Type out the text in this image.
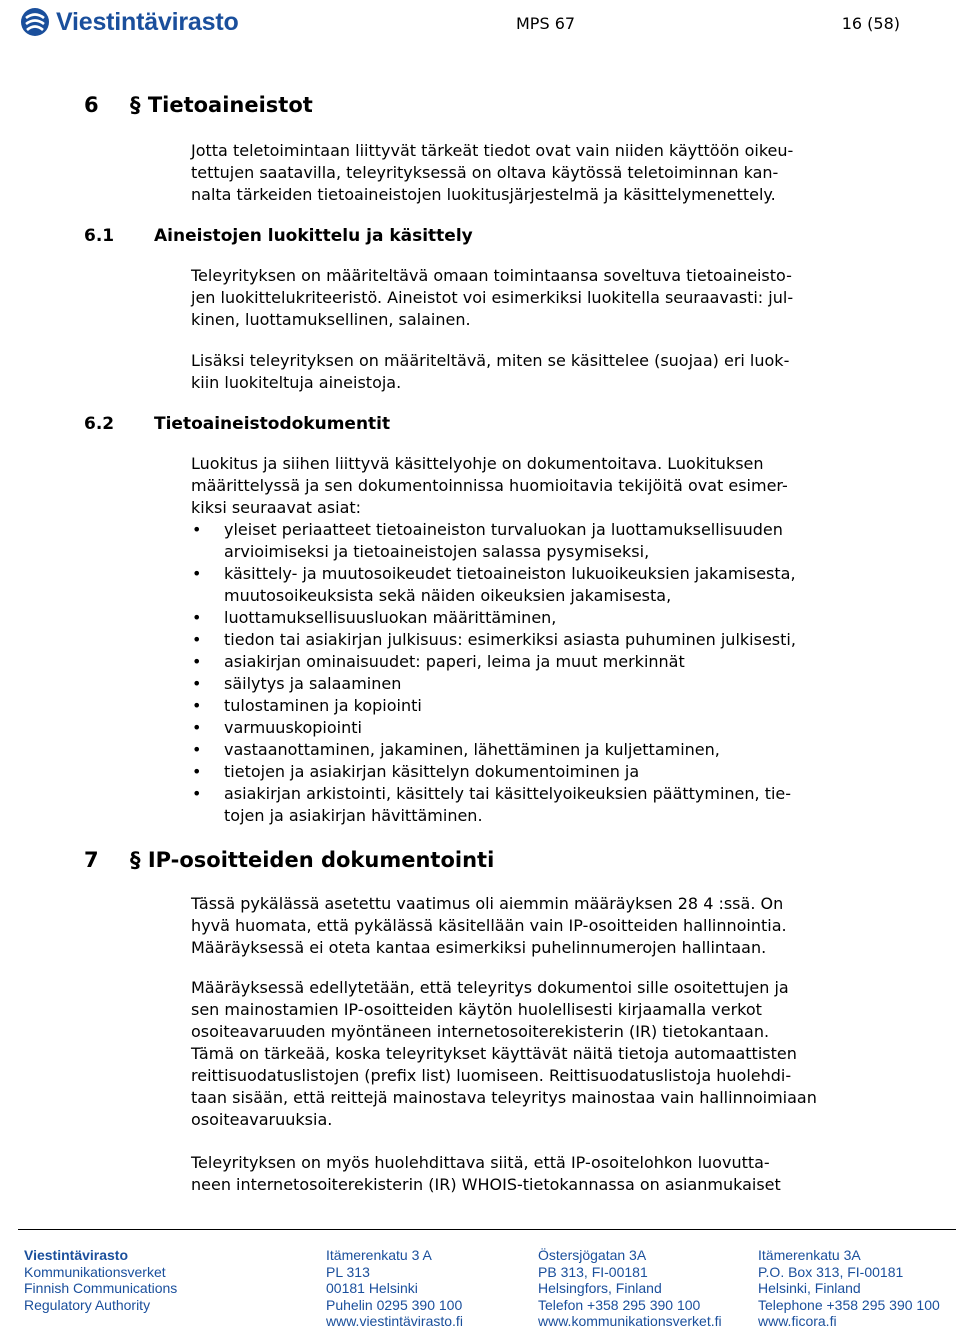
Viestintävirasto	MPS 67	16 (58)
6 § Tietoaineistot

Jotta teletoimintaan liittyvät tärkeät tiedot ovat vain niiden käyttöön oikeu-
tettujen saatavilla, teleyrityksessä on oltava käytössä teletoiminnan kan-
nalta tärkeiden tietoaineistojen luokitusjärjestelmä ja käsittelymenettely.

6.1 Aineistojen luokittelu ja käsittely

Teleyrityksen on määriteltävä omaan toimintaansa soveltuva tietoaineisto-
jen luokittelukriteeristö. Aineistot voi esimerkiksi luokitella seuraavasti: jul-
kinen, luottamuksellinen, salainen.

Lisäksi teleyrityksen on määriteltävä, miten se käsittelee (suojaa) eri luok-
kiin luokiteltuja aineistoja.

6.2 Tietoaineistodokumentit

Luokitus ja siihen liittyvä käsittelyohje on dokumentoitava. Luokituksen
määrittelyssä ja sen dokumentoinnissa huomioitavia tekijöitä ovat esimer-
kiksi seuraavat asiat:

• yleiset periaatteet tietoaineiston turvaluokan ja luottamuksellisuuden
arvioimiseksi ja tietoaineistojen salassa pysymiseksi,
• käsittely- ja muutosoikeudet tietoaineiston lukuoikeuksien jakamisesta,
muutosoikeuksista sekä näiden oikeuksien jakamisesta,
• luottamuksellisuusluokan määrittäminen,
• tiedon tai asiakirjan julkisuus: esimerkiksi asiasta puhuminen julkisesti,
• asiakirjan ominaisuudet: paperi, leima ja muut merkinnät
• säilytys ja salaaminen
• tulostaminen ja kopiointi
• varmuuskopiointi
• vastaanottaminen, jakaminen, lähettäminen ja kuljettaminen,
• tietojen ja asiakirjan käsittelyn dokumentoiminen ja
• asiakirjan arkistointi, käsittely tai käsittelyoikeuksien päättyminen, tie-
tojen ja asiakirjan hävittäminen.
7 § IP-osoitteiden dokumentointi

Tässä pykälässä asetettu vaatimus oli aiemmin määräyksen 28 4 :ssä. On
hyvä huomata, että pykälässä käsitellään vain IP-osoitteiden hallinnointia.
Määräyksessä ei oteta kantaa esimerkiksi puhelinnumerojen hallintaan.

Määräyksessä edellytetään, että teleyritys dokumentoi sille osoitettujen ja
sen mainostamien IP-osoitteiden käytön huolellisesti kirjaamalla verkot
osoiteavaruuden myöntäneen internetosoiterekisterin (IR) tietokantaan.
Tämä on tärkeää, koska teleyritykset käyttävät näitä tietoja automaattisten
reittisuodatuslistojen (prefix list) luomiseen. Reittisuodatuslistoja huolehdi-
taan sisään, että reittejä mainostava teleyritys mainostaa vain hallinnoimiaan
osoiteavaruuksia.

Teleyrityksen on myös huolehdittava siitä, että IP-osoitelohkon luovutta-
neen internetosoiterekisterin (IR) WHOIS-tietokannassa on asianmukaiset

Viestintävirasto
Kommunikationsverket
Finnish Communications
Regulatory Authority
Itämerenkatu 3 A
PL 313
00181 Helsinki
Puhelin 0295 390 100
www.viestintävirasto.fi
Östersjögatan 3A
PB 313, FI-00181
Helsingfors, Finland
Telefon +358 295 390 100
www.kommunikationsverket.fi
Itämerenkatu 3A
P.O. Box 313, FI-00181
Helsinki, Finland
Telephone +358 295 390 100
www.ficora.fi
